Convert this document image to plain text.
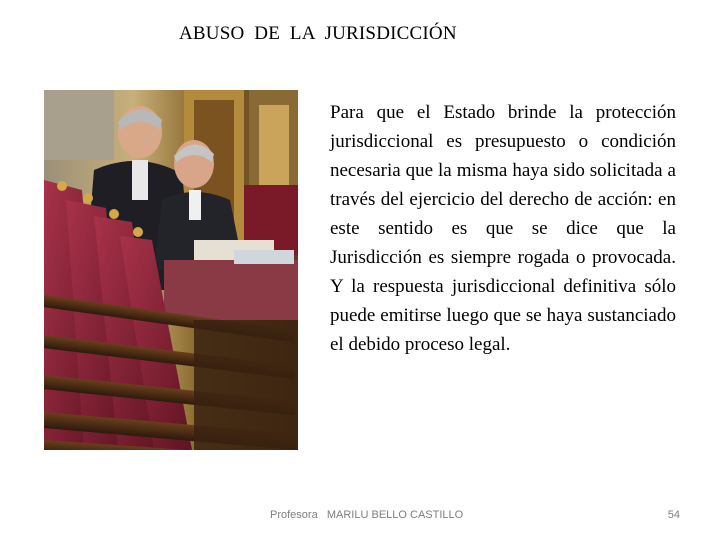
ABUSO  DE  LA  JURISDICCIÓN
Para que el Estado brinde la protección jurisdiccional es presupuesto o condición necesaria que la misma haya sido solicitada a través del ejercicio del derecho de acción: en este sentido es que se dice que la Jurisdicción es siempre rogada o provocada. Y la respuesta jurisdiccional definitiva sólo puede emitirse luego que se haya sustanciado el debido proceso legal.
Profesora   MARILU BELLO CASTILLO	54
